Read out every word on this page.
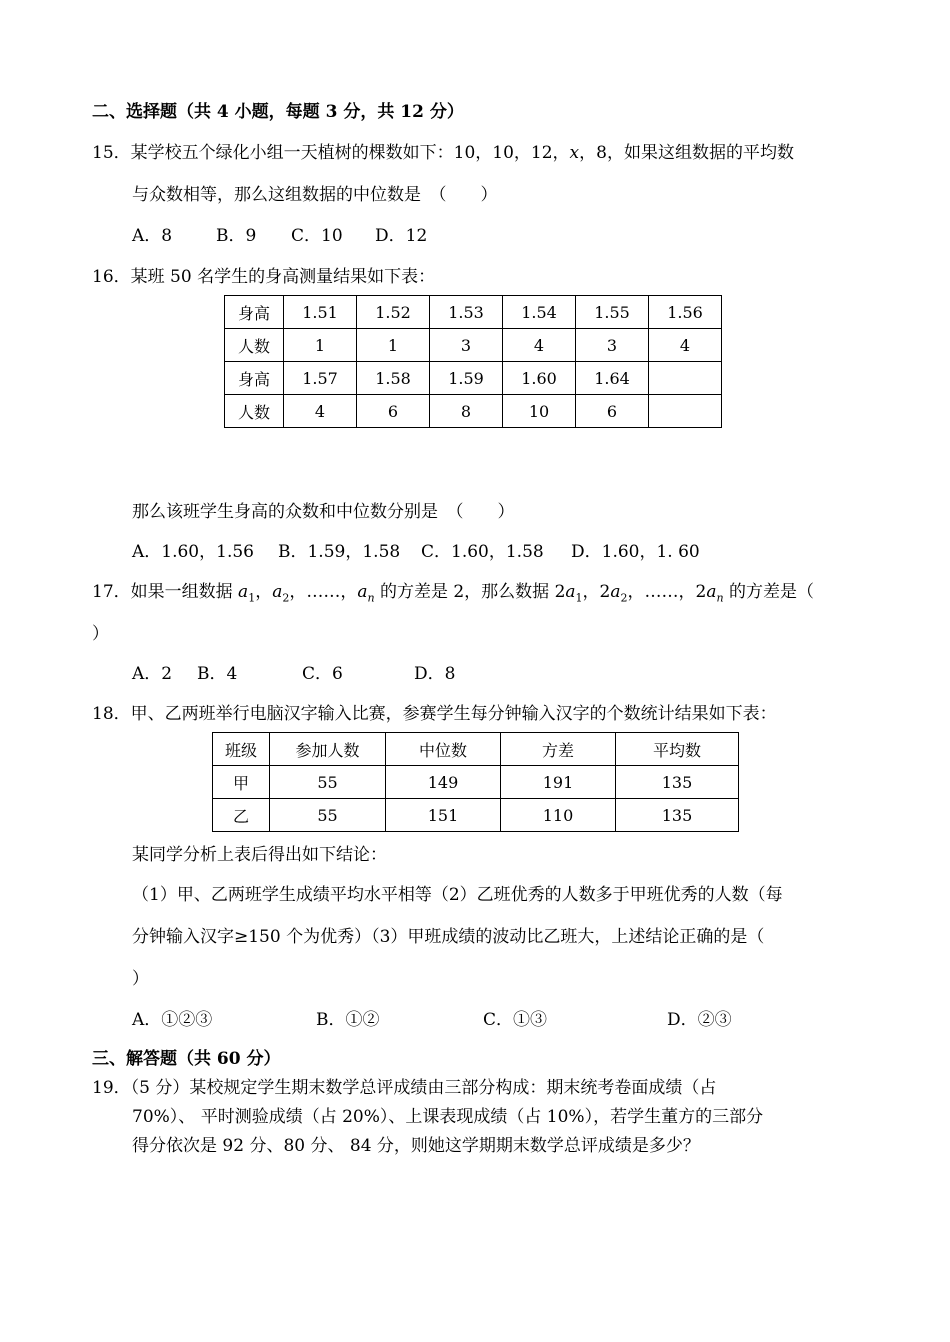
二、选择题（共 4 小题，每题 3 分，共 12 分）
15．某学校五个绿化小组一天植树的棵数如下：10，10，12，x，8，如果这组数据的平均数
与众数相等，那么这组数据的中位数是　（　　）
A．8	B．9 C．10 D．12
16．某班 50 名学生的身高测量结果如下表：
身高	1.51	1.52	1.53	1.54	1.55	1.56
人数	1	1	3	4	3	4
身高	1.57	1.58	1.59	1.60	1.64	
人数	4	6	8	10	6	
那么该班学生身高的众数和中位数分别是　（　　）
A．1.60，1.56 B．1.59，1.58 C．1.60，1.58 D．1.60，1. 60
17．如果一组数据 $a_1$，$a_2$，……，$a_n$ 的方差是 2，那么数据 $2a_1$，$2a_2$，……，$2a_n$ 的方差是（
）
A．2 B．4	C．6	D．8
18．甲、乙两班举行电脑汉字输入比赛，参赛学生每分钟输入汉字的个数统计结果如下表：
班级	参加人数	中位数	方差	平均数
甲	55	149	191	135
乙	55	151	110	135
某同学分析上表后得出如下结论：
（1）甲、乙两班学生成绩平均水平相等（2）乙班优秀的人数多于甲班优秀的人数（每
分钟输入汉字≥150 个为优秀）（3）甲班成绩的波动比乙班大，上述结论正确的是（
）
A．①②③	B．①②	C．①③	D．②③
三、解答题（共 60 分）
19．（5 分）某校规定学生期末数学总评成绩由三部分构成：期末统考卷面成绩（占
70%）、 平时测验成绩（占 20%）、上课表现成绩（占 10%），若学生董方的三部分
得分依次是 92 分、80 分、 84 分，则她这学期期末数学总评成绩是多少？
